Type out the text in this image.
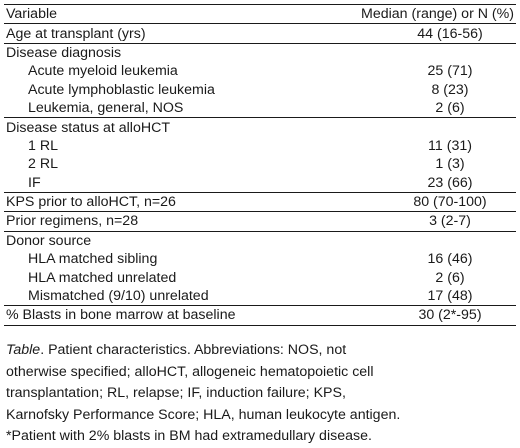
Variable	Median (range) or N (%)
Age at transplant (yrs)	44 (16-56)
Disease diagnosis
Acute myeloid leukemia	25 (71)
Acute lymphoblastic leukemia	8 (23)
Leukemia, general, NOS	2 (6)
Disease status at alloHCT
1 RL	11 (31)
2 RL	1 (3)
IF	23 (66)
KPS prior to alloHCT, n=26	80 (70-100)
Prior regimens, n=28	3 (2-7)
Donor source
HLA matched sibling	16 (46)
HLA matched unrelated	2 (6)
Mismatched (9/10) unrelated	17 (48)
% Blasts in bone marrow at baseline	30 (2*-95)
Table. Patient characteristics. Abbreviations: NOS, not
otherwise specified; alloHCT, allogeneic hematopoietic cell
transplantation; RL, relapse; IF, induction failure; KPS,
Karnofsky Performance Score; HLA, human leukocyte antigen.
*Patient with 2% blasts in BM had extramedullary disease.
